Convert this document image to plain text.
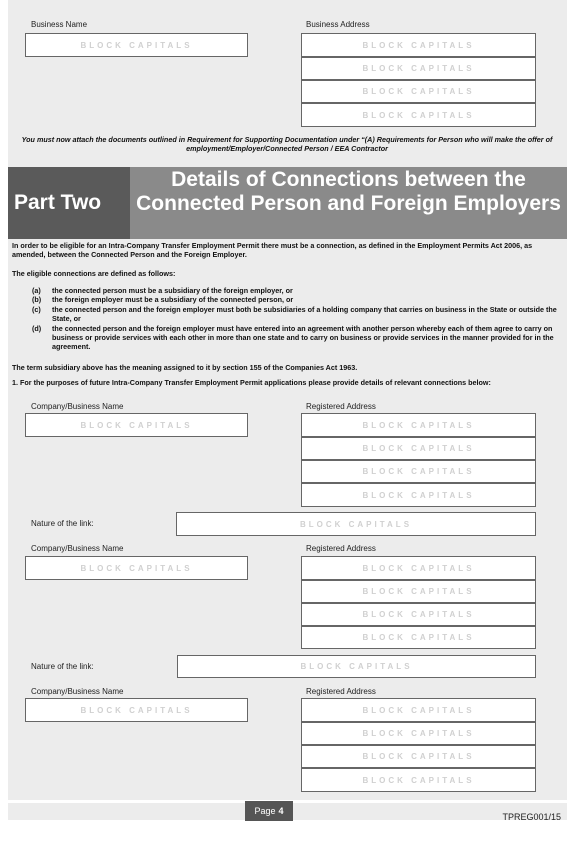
Business Name	Business Address
BLOCK CAPITALS	BLOCK CAPITALS
BLOCK CAPITALS
BLOCK CAPITALS
BLOCK CAPITALS
You must now attach the documents outlined in Requirement for Supporting Documentation under “(A) Requirements for Person who will make the offer of employment/Employer/Connected Person / EEA Contractor
Part Two
Details of Connections between the Connected Person and Foreign Employers
In order to be eligible for an Intra-Company Transfer Employment Permit there must be a connection, as defined in the Employment Permits Act 2006, as amended, between the Connected Person and the Foreign Employer.
The eligible connections are defined as follows:
(a) the connected person must be a subsidiary of the foreign employer, or
(b) the foreign employer must be a subsidiary of the connected person, or
(c) the connected person and the foreign employer must both be subsidiaries of a holding company that carries on business in the State or outside the State, or
(d) the connected person and the foreign employer must have entered into an agreement with another person whereby each of them agree to carry on business or provide services with each other in more than one state and to carry on business or provide services in the manner provided for in the agreement.
The term subsidiary above has the meaning assigned to it by section 155 of the Companies Act 1963.
1. For the purposes of future Intra-Company Transfer Employment Permit applications please provide details of relevant connections below:
Company/Business Name	Registered Address
BLOCK CAPITALS	BLOCK CAPITALS
BLOCK CAPITALS
BLOCK CAPITALS
BLOCK CAPITALS
Nature of the link:	BLOCK CAPITALS
Company/Business Name	Registered Address
BLOCK CAPITALS	BLOCK CAPITALS
BLOCK CAPITALS
BLOCK CAPITALS
BLOCK CAPITALS
Nature of the link:	BLOCK CAPITALS
Company/Business Name	Registered Address
BLOCK CAPITALS	BLOCK CAPITALS
BLOCK CAPITALS
BLOCK CAPITALS
BLOCK CAPITALS
Page 4
TPREG001/15
